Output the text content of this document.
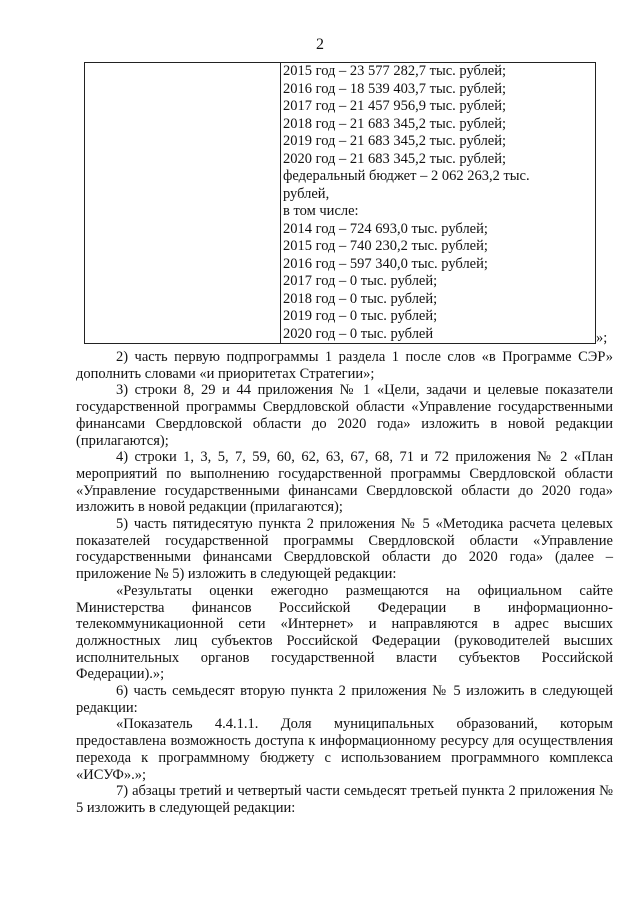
2

2015 год – 23 577 282,7 тыс. рублей;

2016 год – 18 539 403,7 тыс. рублей;

2017 год – 21 457 956,9 тыс. рублей;

2018 год – 21 683 345,2 тыс. рублей;

2019 год – 21 683 345,2 тыс. рублей;

2020 год – 21 683 345,2 тыс. рублей;

федеральный бюджет – 2 062 263,2 тыс. рублей,

в том числе:

2014 год – 724 693,0 тыс. рублей;

2015 год – 740 230,2 тыс. рублей;

2016 год – 597 340,0 тыс. рублей;

2017 год – 0 тыс. рублей;

2018 год – 0 тыс. рублей;

2019 год – 0 тыс. рублей;

2020 год – 0 тыс. рублей	»;

2) часть первую подпрограммы 1 раздела 1 после слов «в Программе СЭР» дополнить словами «и приоритетах Стратегии»;

3) строки 8, 29 и 44 приложения № 1 «Цели, задачи и целевые показатели государственной программы Свердловской области «Управление государственными финансами Свердловской области до 2020 года» изложить в новой редакции (прилагаются);

4) строки 1, 3, 5, 7, 59, 60, 62, 63, 67, 68, 71 и 72 приложения № 2 «План мероприятий по выполнению государственной программы Свердловской области «Управление государственными финансами Свердловской области до 2020 года» изложить в новой редакции (прилагаются);

5) часть пятидесятую пункта 2 приложения № 5 «Методика расчета целевых показателей государственной программы Свердловской области «Управление государственными финансами Свердловской области до 2020 года» (далее – приложение № 5) изложить в следующей редакции:

«Результаты оценки ежегодно размещаются на официальном сайте Министерства финансов Российской Федерации в информационно-телекоммуникационной сети «Интернет» и направляются в адрес высших должностных лиц субъектов Российской Федерации (руководителей высших исполнительных органов государственной власти субъектов Российской Федерации).»;

6) часть семьдесят вторую пункта 2 приложения № 5 изложить в следующей редакции:

«Показатель 4.4.1.1. Доля муниципальных образований, которым предоставлена возможность доступа к информационному ресурсу для осуществления перехода к программному бюджету с использованием программного комплекса «ИСУФ».»;

7) абзацы третий и четвертый части семьдесят третьей пункта 2 приложения № 5 изложить в следующей редакции:
